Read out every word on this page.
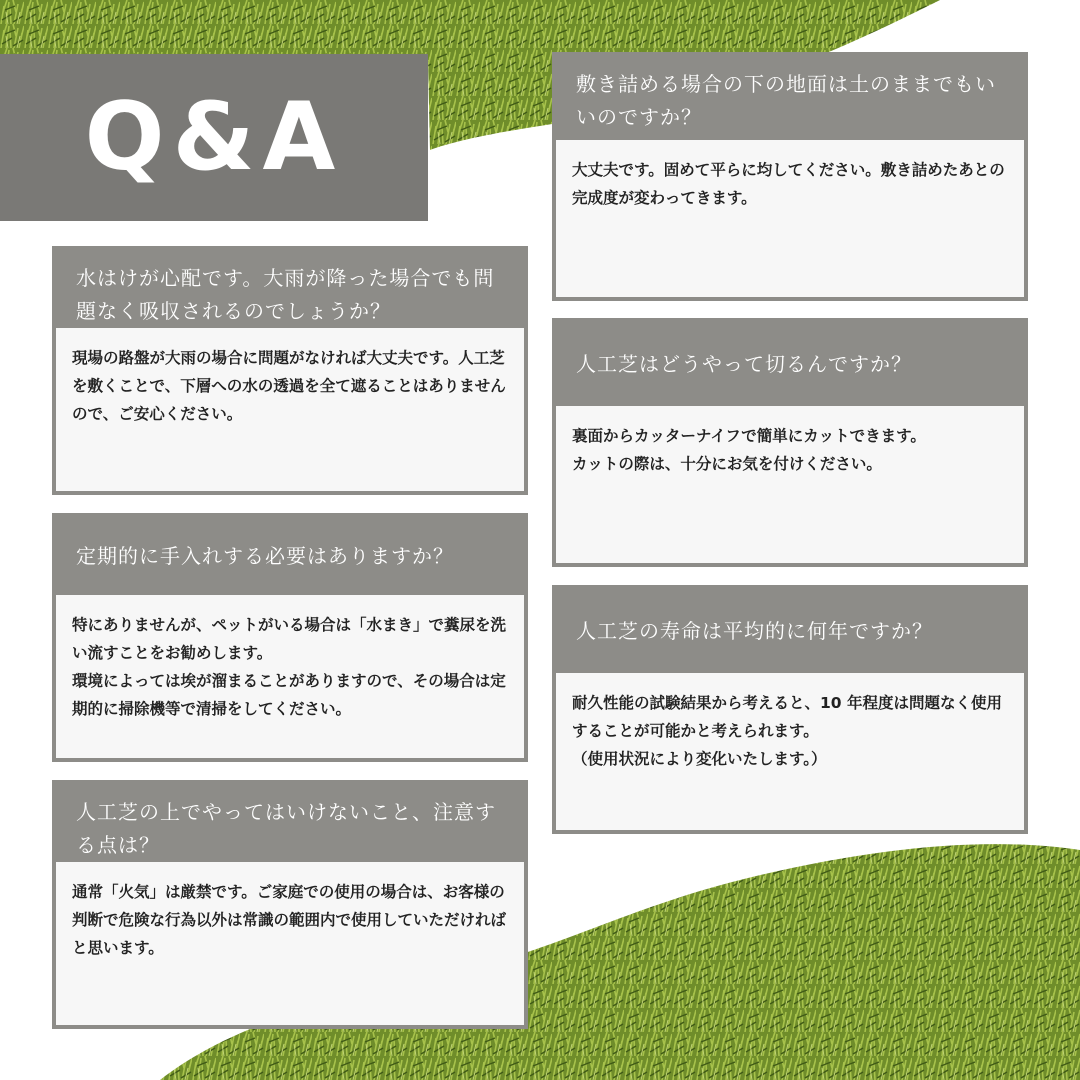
Q&A
水はけが心配です。大雨が降った場合でも問題なく吸収されるのでしょうか？
現場の路盤が大雨の場合に問題がなければ大丈夫です。人工芝を敷くことで、下層への水の透過を全て遮ることはありませんので、ご安心ください。
定期的に手入れする必要はありますか？
特にありませんが、ペットがいる場合は「水まき」で糞尿を洗い流すことをお勧めします。
環境によっては埃が溜まることがありますので、その場合は定期的に掃除機等で清掃をしてください。
人工芝の上でやってはいけないこと、注意する点は？
通常「火気」は厳禁です。ご家庭での使用の場合は、お客様の判断で危険な行為以外は常識の範囲内で使用していただければと思います。
敷き詰める場合の下の地面は土のままでもいいのですか？
大丈夫です。固めて平らに均してください。敷き詰めたあとの完成度が変わってきます。
人工芝はどうやって切るんですか？
裏面からカッターナイフで簡単にカットできます。
カットの際は、十分にお気を付けください。
人工芝の寿命は平均的に何年ですか？
耐久性能の試験結果から考えると、10 年程度は問題なく使用することが可能かと考えられます。
（使用状況により変化いたします。）
